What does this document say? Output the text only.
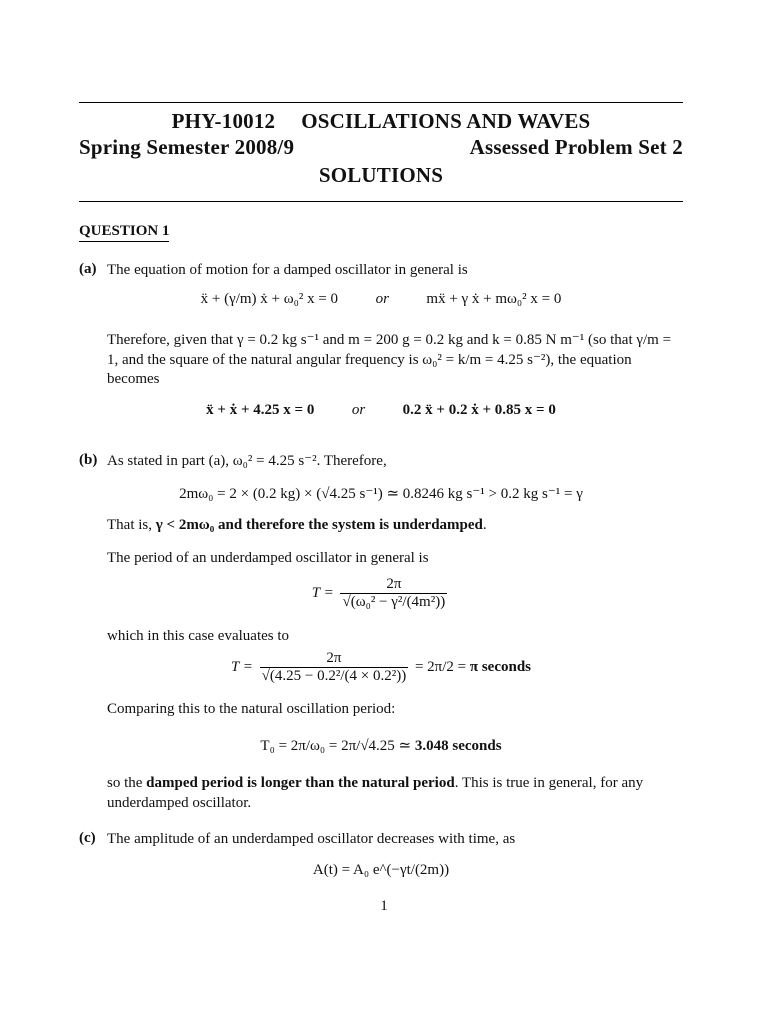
PHY-10012 OSCILLATIONS AND WAVES
Spring Semester 2008/9	Assessed Problem Set 2
SOLUTIONS
QUESTION 1
(a) The equation of motion for a damped oscillator in general is
ẍ + (γ/m) ẋ + ω₀² x = 0	or	mẍ + γ ẋ + mω₀² x = 0
Therefore, given that γ = 0.2 kg s⁻¹ and m = 200 g = 0.2 kg and k = 0.85 N m⁻¹ (so that γ/m = 1, and the square of the natural angular frequency is ω₀² = k/m = 4.25 s⁻²), the equation becomes
ẍ + ẋ + 4.25 x = 0	or	0.2 ẍ + 0.2 ẋ + 0.85 x = 0
(b) As stated in part (a), ω₀² = 4.25 s⁻². Therefore,
2mω₀ = 2 × (0.2 kg) × (√4.25 s⁻¹) ≃ 0.8246 kg s⁻¹ > 0.2 kg s⁻¹ = γ
That is, γ < 2mω₀ and therefore the system is underdamped.
The period of an underdamped oscillator in general is
$T = \frac{2\pi}{\text{√(ω₀² − γ²/(4m²))}}$
which in this case evaluates to
$T = \frac{2\pi}{\text{√(4.25 − 0.2²/(4 × 0.2²))}} = 2\pi/2 = \pi$ seconds
Comparing this to the natural oscillation period:
T₀ = 2π/ω₀ = 2π/√4.25 ≃ 3.048 seconds
so the damped period is longer than the natural period. This is true in general, for any underdamped oscillator.
(c) The amplitude of an underdamped oscillator decreases with time, as
A(t) = A₀ e^(−γt/(2m))
1
